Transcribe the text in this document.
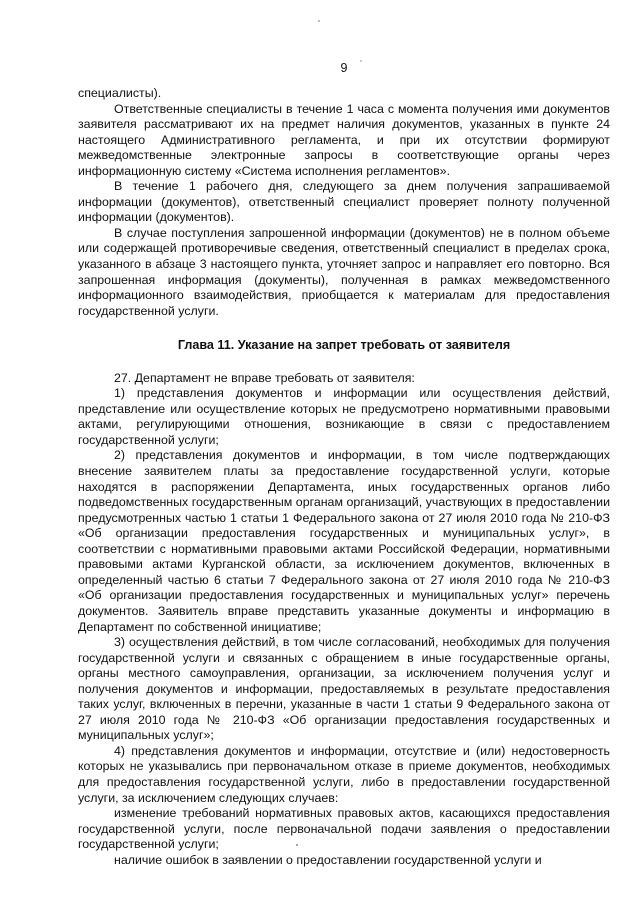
9

специалисты).

Ответственные специалисты в течение 1 часа с момента получения ими документов заявителя рассматривают их на предмет наличия документов, указанных в пункте 24 настоящего Административного регламента, и при их отсутствии формируют межведомственные электронные запросы в соответствующие органы через информационную систему «Система исполнения регламентов».

В течение 1 рабочего дня, следующего за днем получения запрашиваемой информации (документов), ответственный специалист проверяет полноту полученной информации (документов).

В случае поступления запрошенной информации (документов) не в полном объеме или содержащей противоречивые сведения, ответственный специалист в пределах срока, указанного в абзаце 3 настоящего пункта, уточняет запрос и направляет его повторно. Вся запрошенная информация (документы), полученная в рамках межведомственного информационного взаимодействия, приобщается к материалам для предоставления государственной услуги.

Глава 11. Указание на запрет требовать от заявителя

27. Департамент не вправе требовать от заявителя:

1) представления документов и информации или осуществления действий, представление или осуществление которых не предусмотрено нормативными правовыми актами, регулирующими отношения, возникающие в связи с предоставлением государственной услуги;

2) представления документов и информации, в том числе подтверждающих внесение заявителем платы за предоставление государственной услуги, которые находятся в распоряжении Департамента, иных государственных органов либо подведомственных государственным органам организаций, участвующих в предоставлении предусмотренных частью 1 статьи 1 Федерального закона от 27 июля 2010 года № 210-ФЗ «Об организации предоставления государственных и муниципальных услуг», в соответствии с нормативными правовыми актами Российской Федерации, нормативными правовыми актами Курганской области, за исключением документов, включенных в определенный частью 6 статьи 7 Федерального закона от 27 июля 2010 года № 210-ФЗ «Об организации предоставления государственных и муниципальных услуг» перечень документов. Заявитель вправе представить указанные документы и информацию в Департамент по собственной инициативе;

3) осуществления действий, в том числе согласований, необходимых для получения государственной услуги и связанных с обращением в иные государственные органы, органы местного самоуправления, организации, за исключением получения услуг и получения документов и информации, предоставляемых в результате предоставления таких услуг, включенных в перечни, указанные в части 1 статьи 9 Федерального закона от 27 июля 2010 года № 210-ФЗ «Об организации предоставления государственных и муниципальных услуг»;

4) представления документов и информации, отсутствие и (или) недостоверность которых не указывались при первоначальном отказе в приеме документов, необходимых для предоставления государственной услуги, либо в предоставлении государственной услуги, за исключением следующих случаев:

изменение требований нормативных правовых актов, касающихся предоставления государственной услуги, после первоначальной подачи заявления о предоставлении государственной услуги;

наличие ошибок в заявлении о предоставлении государственной услуги и
